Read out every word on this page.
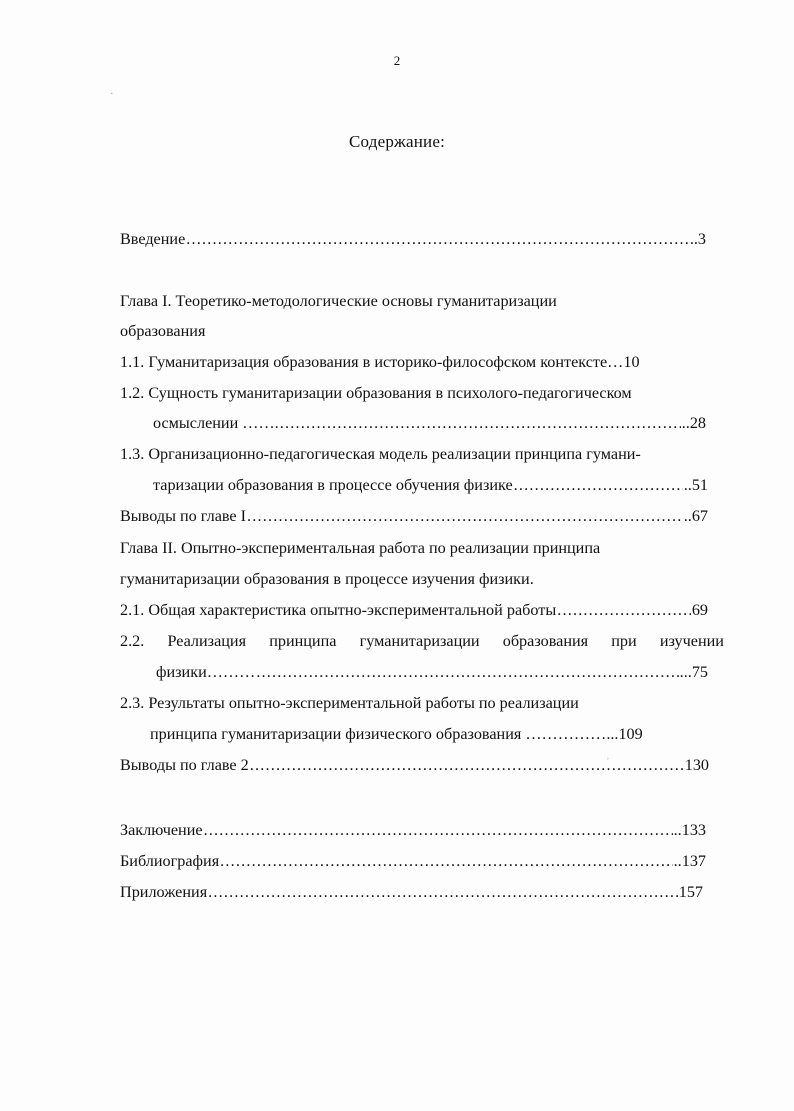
2
Содержание:
Введение .....	..3
Глава I. Теоретико-методологические основы гуманитаризации
образования
1.1. Гуманитаризация образования в историко-философском контексте …10
1.2. Сущность гуманитаризации образования в психолого-педагогическом
осмыслении ……. .....	..28
1.3. Организационно-педагогическая модель реализации принципа гумани-
таризации образования в процессе обучения физике .....	..51
Выводы по главе I .....	..67
Глава II. Опытно-экспериментальная работа по реализации принципа
гуманитаризации образования в процессе изучения физики.
2.1. Общая характеристика опытно-экспериментальной работы .....	69
2.2. Реализация принципа гуманитаризации образования при изучении
физики……… .....	...75
2.3. Результаты опытно-экспериментальной работы по реализации
принципа гуманитаризации физического образования …………… ...109
Выводы по главе 2 .....	130
Заключение .....	..133
Библиография .....	..137
Приложения .....	157
·
ʾ
